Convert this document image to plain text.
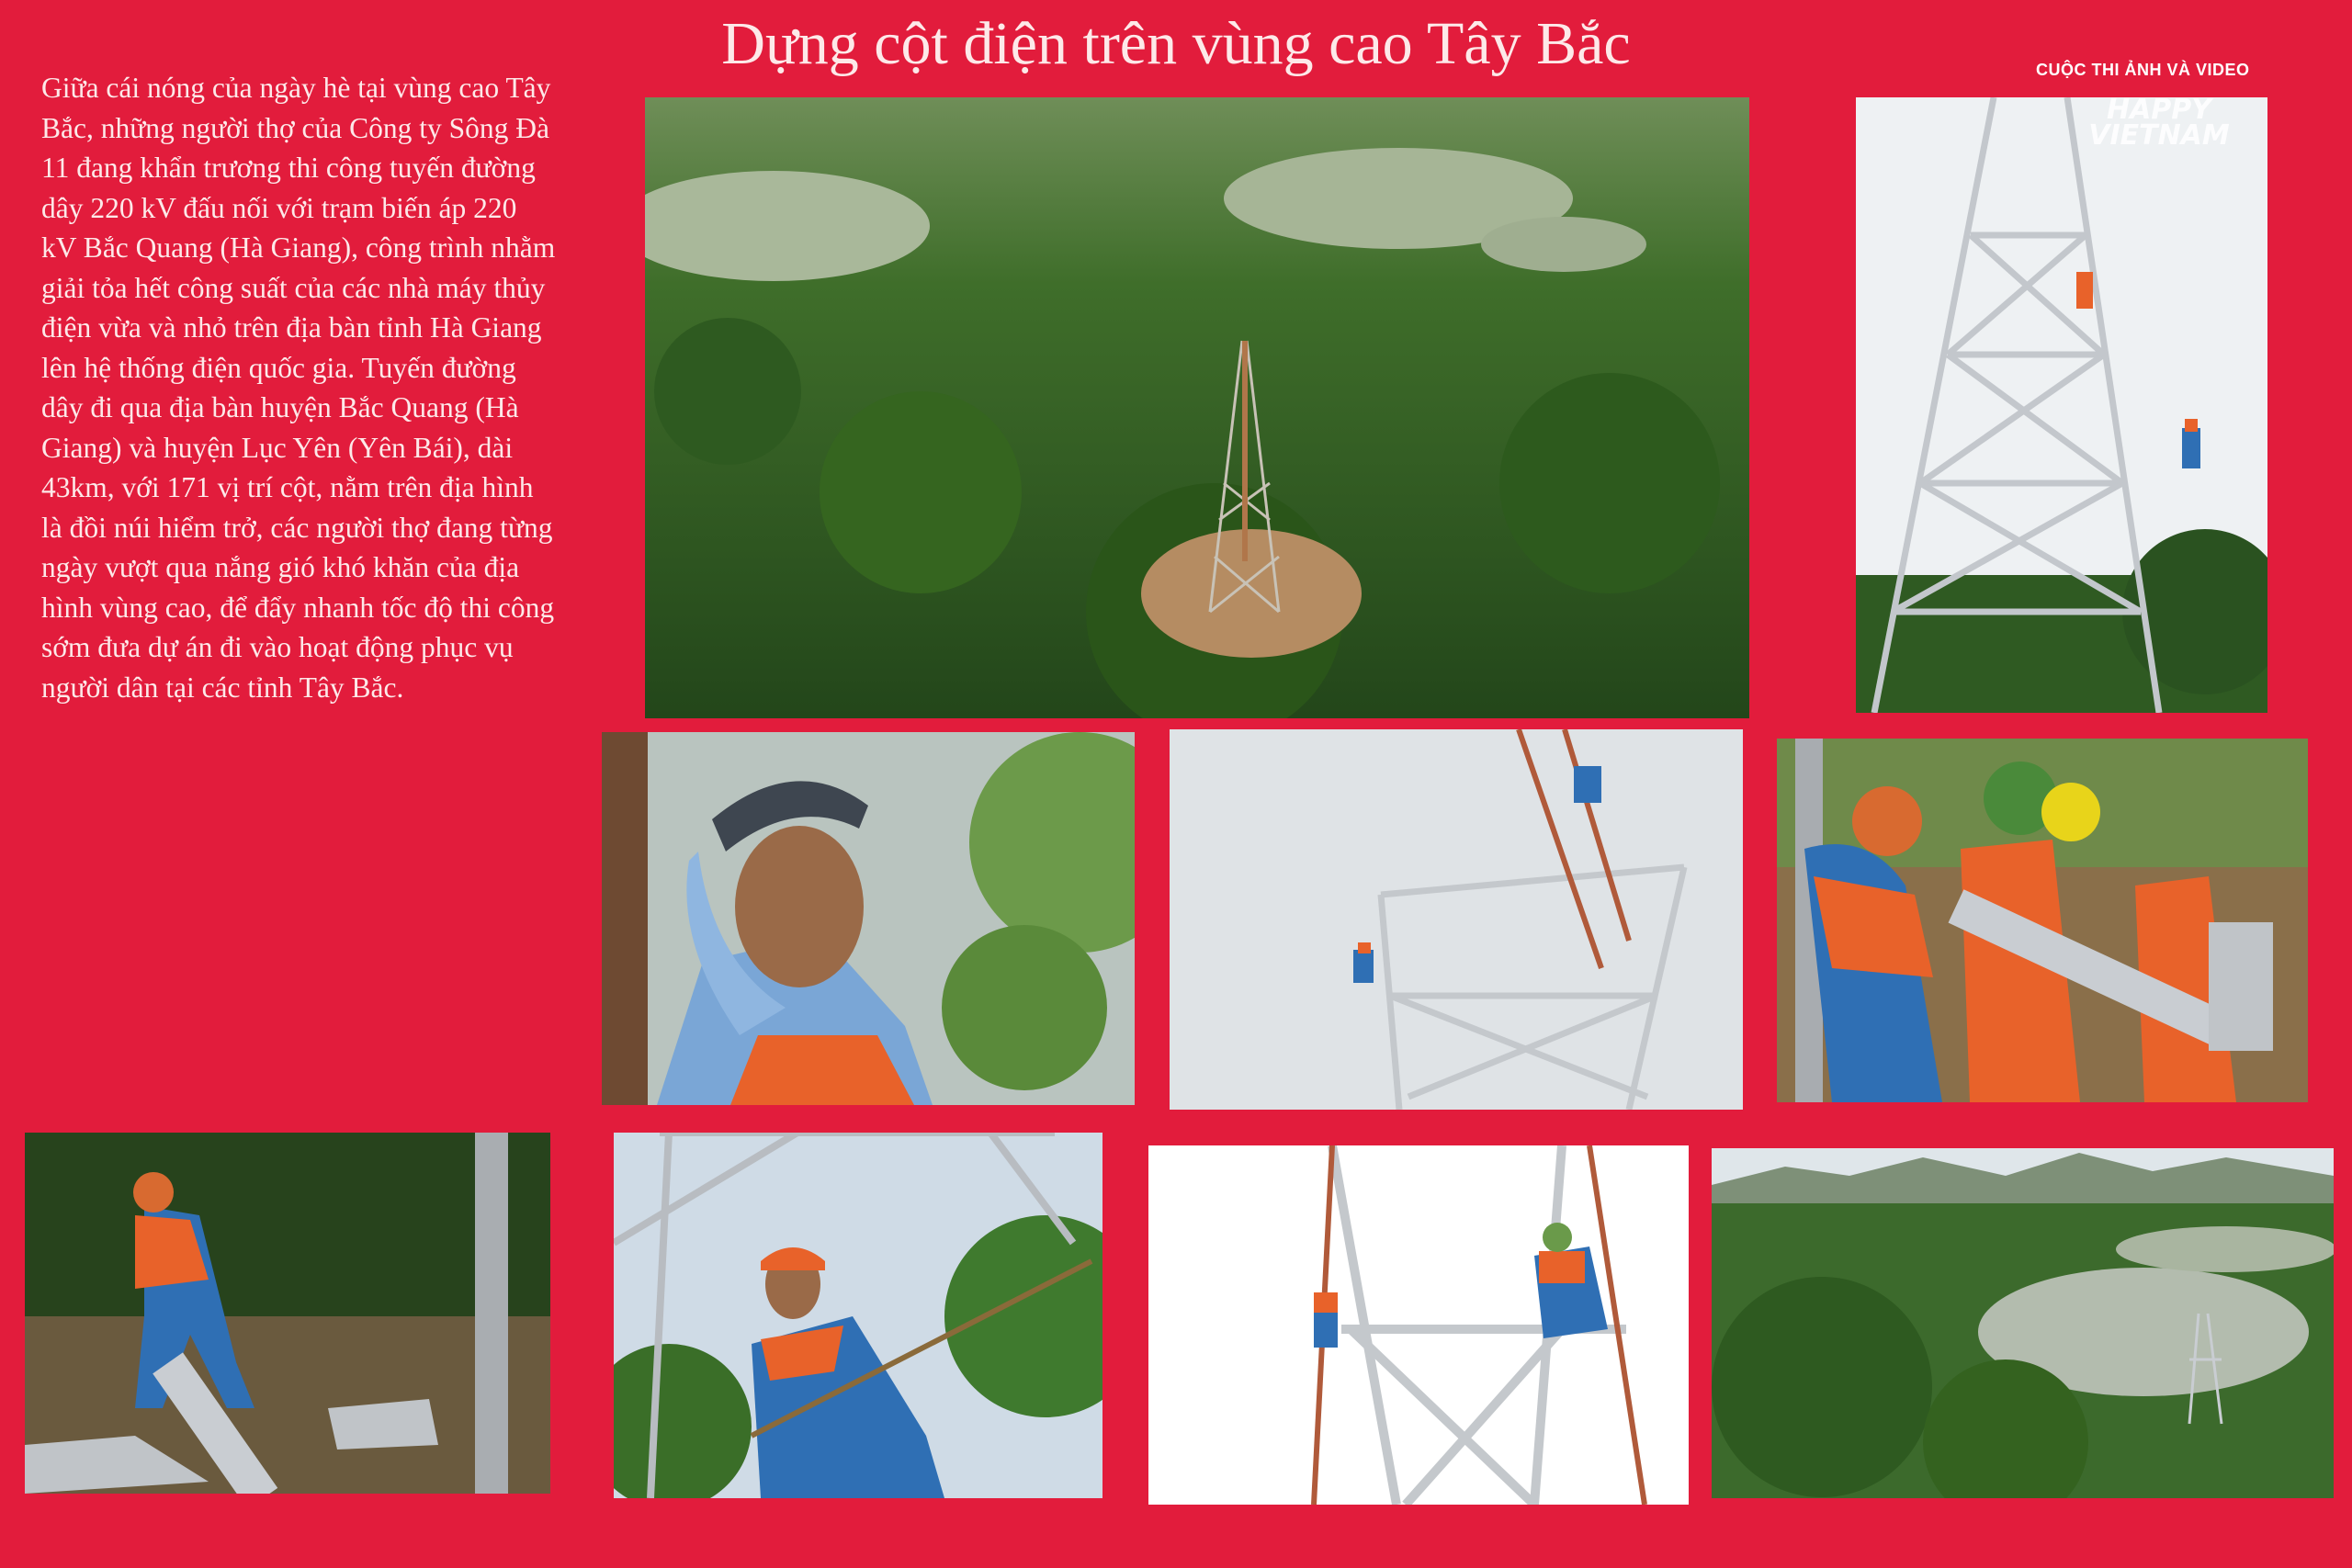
Dựng cột điện trên vùng cao Tây Bắc	CUỘC THI ẢNH VÀ VIDEO
Giữa cái nóng của ngày hè tại vùng cao Tây Bắc, những người thợ của Công ty Sông Đà 11 đang khẩn trương thi công tuyến đường dây 220 kV đấu nối với trạm biến áp 220 kV Bắc Quang (Hà Giang), công trình nhằm giải tỏa hết công suất của các nhà máy thủy điện vừa và nhỏ trên địa bàn tỉnh Hà Giang lên hệ thống điện quốc gia. Tuyến đường dây đi qua địa bàn huyện Bắc Quang (Hà Giang) và huyện Lục Yên (Yên Bái), dài 43km, với 171 vị trí cột, nằm trên địa hình là đồi núi hiểm trở, các người thợ đang từng ngày vượt qua nắng gió khó khăn của địa hình vùng cao, để đẩy nhanh tốc độ thi công sớm đưa dự án đi vào hoạt động phục vụ người dân tại các tỉnh Tây Bắc.
HAPPY
VIETNAM
